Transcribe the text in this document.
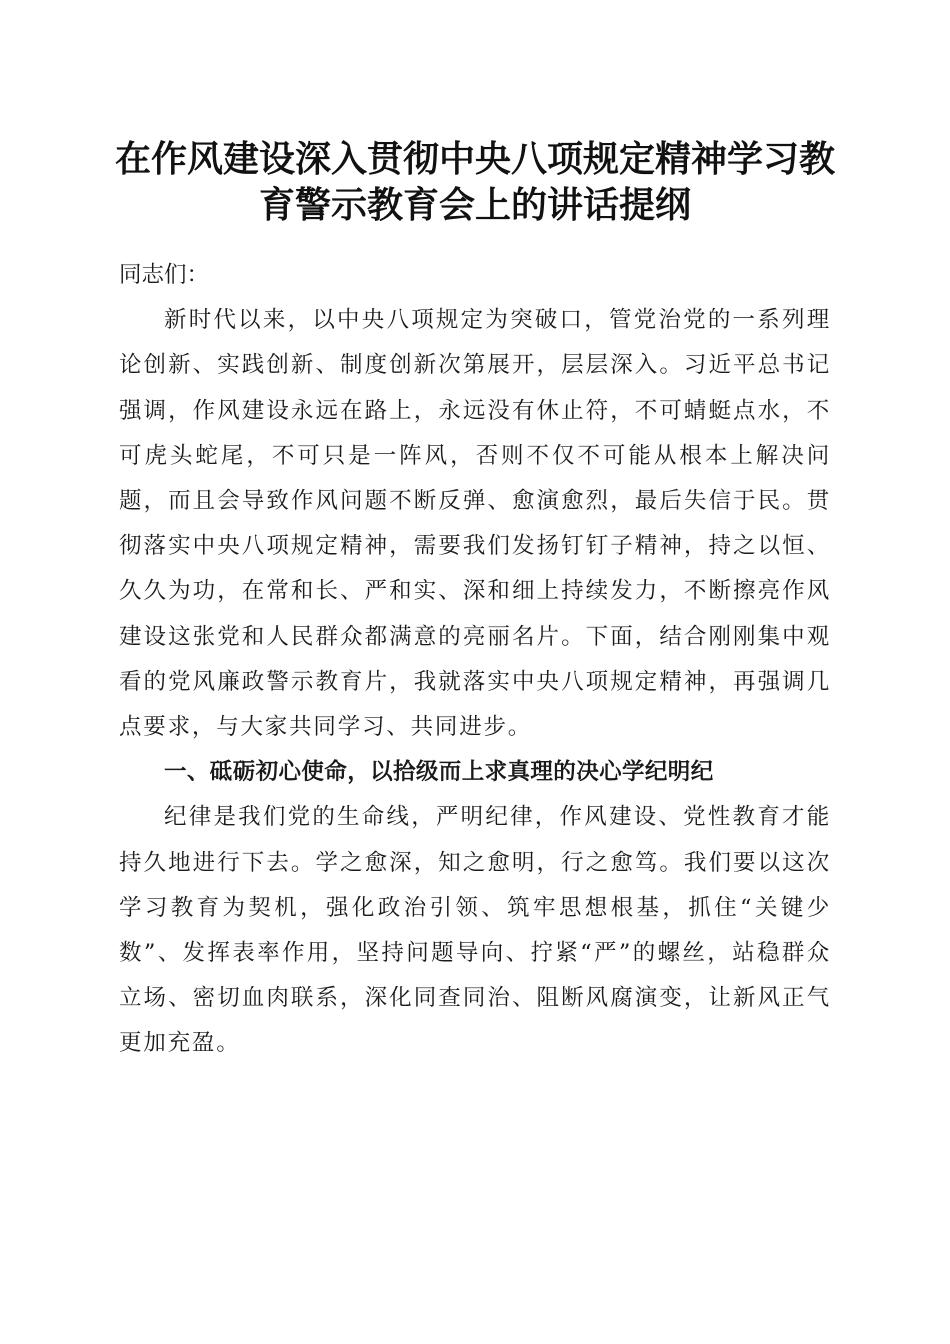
在作风建设深入贯彻中央八项规定精神学习教
育警示教育会上的讲话提纲

同志们：

新时代以来，以中央八项规定为突破口，管党治党的一系列理论创新、实践创新、制度创新次第展开，层层深入。习近平总书记强调，作风建设永远在路上，永远没有休止符，不可蜻蜓点水，不可虎头蛇尾，不可只是一阵风，否则不仅不可能从根本上解决问题，而且会导致作风问题不断反弹、愈演愈烈，最后失信于民。贯彻落实中央八项规定精神，需要我们发扬钉钉子精神，持之以恒、久久为功，在常和长、严和实、深和细上持续发力，不断擦亮作风建设这张党和人民群众都满意的亮丽名片。下面，结合刚刚集中观看的党风廉政警示教育片，我就落实中央八项规定精神，再强调几点要求，与大家共同学习、共同进步。

一、砥砺初心使命，以拾级而上求真理的决心学纪明纪

纪律是我们党的生命线，严明纪律，作风建设、党性教育才能持久地进行下去。学之愈深，知之愈明，行之愈笃。我们要以这次学习教育为契机，强化政治引领、筑牢思想根基，抓住“关键少数”、发挥表率作用，坚持问题导向、拧紧“严”的螺丝，站稳群众立场、密切血肉联系，深化同查同治、阻断风腐演变，让新风正气更加充盈。
